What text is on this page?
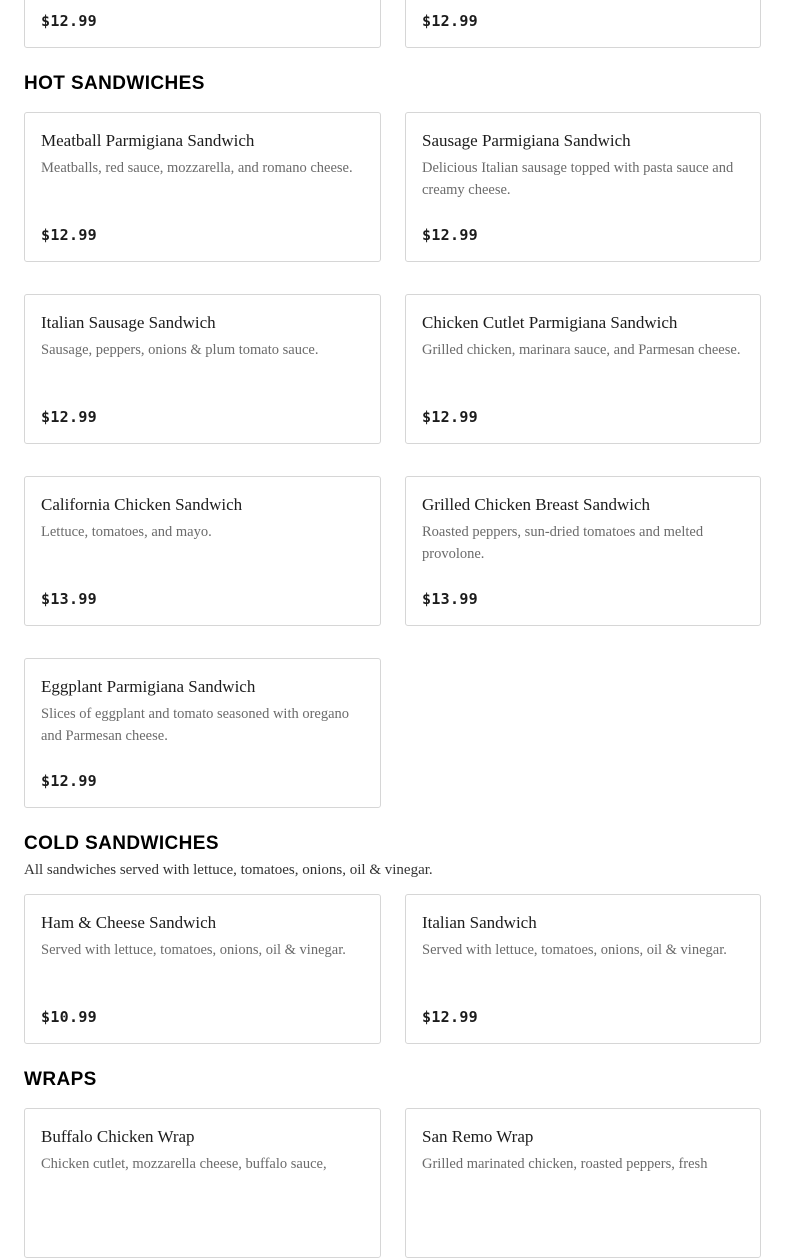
$12.99	$12.99
HOT SANDWICHES
Meatball Parmigiana Sandwich
Meatballs, red sauce, mozzarella, and romano cheese.
$12.99
Sausage Parmigiana Sandwich
Delicious Italian sausage topped with pasta sauce and creamy cheese.
$12.99
Italian Sausage Sandwich
Sausage, peppers, onions & plum tomato sauce.
$12.99
Chicken Cutlet Parmigiana Sandwich
Grilled chicken, marinara sauce, and Parmesan cheese.
$12.99
California Chicken Sandwich
Lettuce, tomatoes, and mayo.
$13.99
Grilled Chicken Breast Sandwich
Roasted peppers, sun-dried tomatoes and melted provolone.
$13.99
Eggplant Parmigiana Sandwich
Slices of eggplant and tomato seasoned with oregano and Parmesan cheese.
$12.99
COLD SANDWICHES
All sandwiches served with lettuce, tomatoes, onions, oil & vinegar.
Ham & Cheese Sandwich
Served with lettuce, tomatoes, onions, oil & vinegar.
$10.99
Italian Sandwich
Served with lettuce, tomatoes, onions, oil & vinegar.
$12.99
WRAPS
Buffalo Chicken Wrap
Chicken cutlet, mozzarella cheese, buffalo sauce,
San Remo Wrap
Grilled marinated chicken, roasted peppers, fresh
